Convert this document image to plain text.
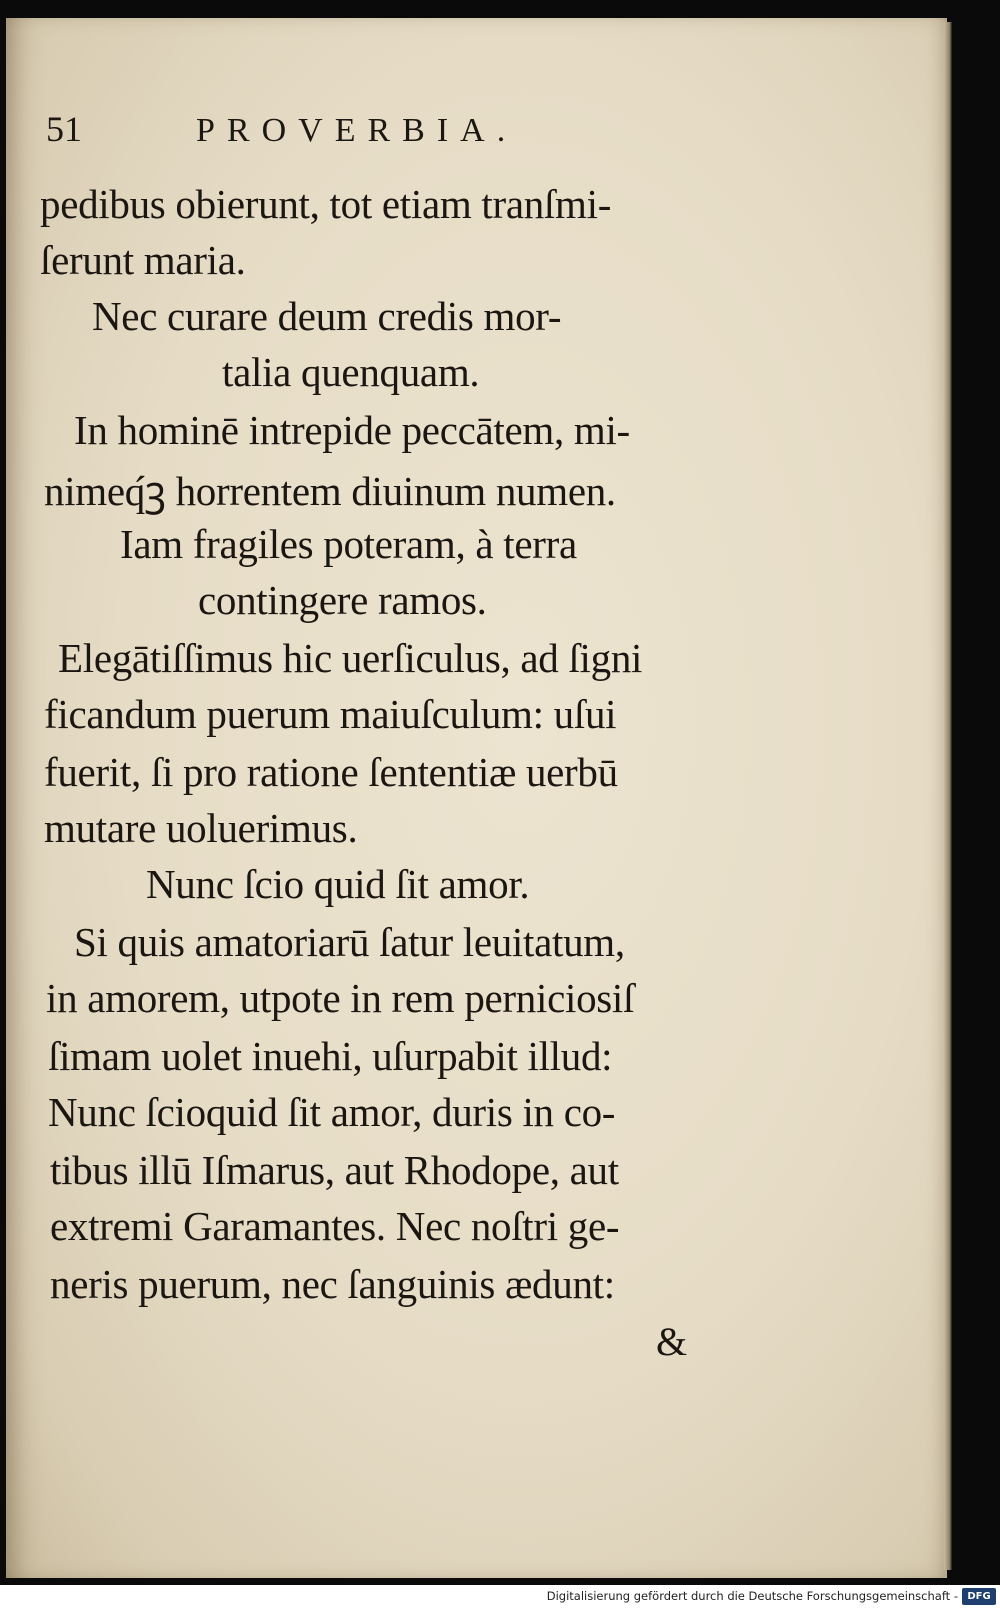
51	PROVERBIA.
pedibus obierunt, tot etiam tranſmi-
ſerunt maria.
Nec curare deum credis mor-
talia quenquam.
In hominē intrepide peccātem, mi-
nimeq́ꝫ horrentem diuinum numen.
Iam fragiles poteram, à terra
contingere ramos.
Elegātiſſimus hic uerſiculus, ad ſigni
ficandum puerum maiuſculum: uſui
fuerit, ſi pro ratione ſententiæ uerbū
mutare uoluerimus.
Nunc ſcio quid ſit amor.
Si quis amatoriarū ſatur leuitatum,
in amorem, utpote in rem perniciosiſ
ſimam uolet inuehi, uſurpabit illud:
Nunc ſcioquid ſit amor, duris in co-
tibus illū Iſmarus, aut Rhodope, aut
extremi Garamantes. Nec noſtri ge-
neris puerum, nec ſanguinis ædunt:
&
Digitalisierung gefördert durch die Deutsche Forschungsgemeinschaft - DFG
